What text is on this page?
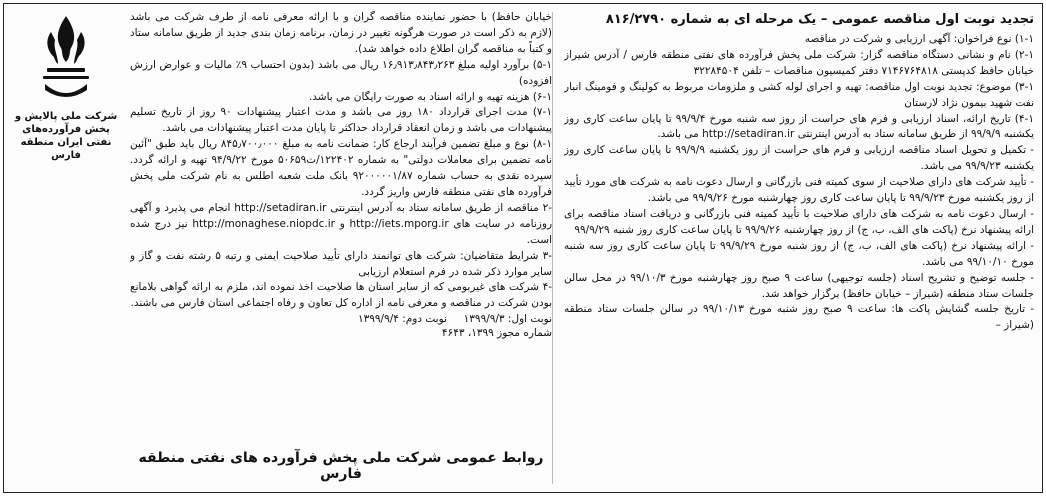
تجدید نوبت اول مناقصه عمومی – یک مرحله ای به شماره ۸۱۶/۲۷۹۰

۱-۱) نوع فراخوان: آگهی ارزیابی و شرکت در مناقصه

۲-۱) نام و نشانی دستگاه مناقصه گزار: شرکت ملی پخش فرآورده های نفتی منطقه فارس / آدرس شیراز خیابان حافظ کدپستی ۷۱۴۶۷۶۴۸۱۸ دفتر کمیسیون مناقصات – تلفن ۳۲۲۸۴۵۰۴

۳-۱) موضوع: تجدید نوبت اول مناقصه: تهیه و اجرای لوله کشی و ملزومات مربوط به کولینگ و فومینگ انبار نفت شهید بیمون نژاد لارستان

۴-۱) تاریخ ارائه، اسناد ارزیابی و فرم های حراست از روز سه شنبه مورخ ۹۹/۹/۴ تا پایان ساعت کاری روز یکشنبه ۹۹/۹/۹ از طریق سامانه ستاد به آدرس اینترنتی http://setadiran.ir می باشد.

- تکمیل و تحویل اسناد مناقصه ارزیابی و فرم های حراست از روز یکشنبه ۹۹/۹/۹ تا پایان ساعت کاری روز یکشنبه ۹۹/۹/۲۳ می باشد.

- تأیید شرکت های دارای صلاحیت از سوی کمیته فنی بازرگانی و ارسال دعوت نامه به شرکت های مورد تأیید از روز یکشنبه مورخ ۹۹/۹/۲۳ تا پایان ساعت کاری روز چهارشنبه مورخ ۹۹/۹/۲۶ می باشد.

- ارسال دعوت نامه به شرکت های دارای صلاحیت با تأیید کمیته فنی بازرگانی و دریافت اسناد مناقصه برای ارائه پیشنهاد نرخ (پاکت های الف، ب، ج) از روز چهارشنبه ۹۹/۹/۲۶ تا پایان ساعت کاری روز شنبه ۹۹/۹/۲۹

- ارائه پیشنهاد نرخ (پاکت های الف، ب، ج) از روز شنبه مورخ ۹۹/۹/۲۹ تا پایان ساعت کاری روز سه شنبه مورخ ۹۹/۱۰/۱۰ می باشد.

- جلسه توضیح و تشریح اسناد (جلسه توجیهی) ساعت ۹ صبح روز چهارشنبه مورخ ۹۹/۱۰/۳ در محل سالن جلسات ستاد منطقه (شیراز – خیابان حافظ) برگزار خواهد شد.

- تاریخ جلسه گشایش پاکت ها: ساعت ۹ صبح روز شنبه مورخ ۹۹/۱۰/۱۳ در سالن جلسات ستاد منطقه (شیراز –

خیابان حافظ) با حضور نماینده مناقصه گران و با ارائه معرفی نامه از طرف شرکت می باشد (لازم به ذکر است در صورت هرگونه تغییر در زمان، برنامه زمان بندی جدید از طریق سامانه ستاد و کتباً به مناقصه گران اطلاع داده خواهد شد).

۵-۱) برآورد اولیه مبلغ ۱۶٫۹۱۳٫۸۴۳٫۲۶۳ ریال می باشد (بدون احتساب ۹٪ مالیات و عوارض ارزش افزوده)

۶-۱) هزینه تهیه و ارائه اسناد به صورت رایگان می باشد.

۷-۱) مدت اجرای قرارداد ۱۸۰ روز می باشد و مدت اعتبار پیشنهادات ۹۰ روز از تاریخ تسلیم پیشنهادات می باشد و زمان انعقاد قرارداد حداکثر تا پایان مدت اعتبار پیشنهادات می باشد.

۸-۱) نوع و مبلغ تضمین فرآیند ارجاع کار: ضمانت نامه به مبلغ ۸۴۵٫۷۰۰٫۰۰۰ ریال باید طبق "آئین نامه تضمین برای معاملات دولتی" به شماره ۱۲۲۴۰۲/ت۵۰۶۵۹ مورخ ۹۴/۹/۲۲ تهیه و ارائه گردد. سپرده نقدی به حساب شماره ۹۲۰۰۰۰۰۱/۸۷ بانک ملت شعبه اطلس به نام شرکت ملی پخش فرآورده های نفتی منطقه فارس واریز گردد.

-۲ مناقصه از طریق سامانه ستاد به آدرس اینترنتی http://setadiran.ir انجام می پذیرد و آگهی روزنامه در سایت های http://iets.mporg.ir و http://monaghese.niopdc.ir نیز درج شده است.

-۳ شرایط متقاضیان: شرکت های توانمند دارای تأیید صلاحیت ایمنی و رتبه ۵ رشته نفت و گاز و سایر موارد ذکر شده در فرم استعلام ارزیابی

-۴ شرکت های غیربومی که از سایر استان ها صلاحیت اخذ نموده اند، ملزم به ارائه گواهی بلامانع بودن شرکت در مناقصه و معرفی نامه از اداره کل تعاون و رفاه اجتماعی استان فارس می باشند.

نوبت اول: ۱۳۹۹/۹/۳     نوبت دوم: ۱۳۹۹/۹/۴

شماره مجوز ۱۳۹۹، ۴۶۴۳

روابط عمومی شرکت ملی پخش فرآورده های نفتی منطقه فارس
شرکت ملی پالایش و پخش فرآورده‌های نفتی ایران منطقه فارس
